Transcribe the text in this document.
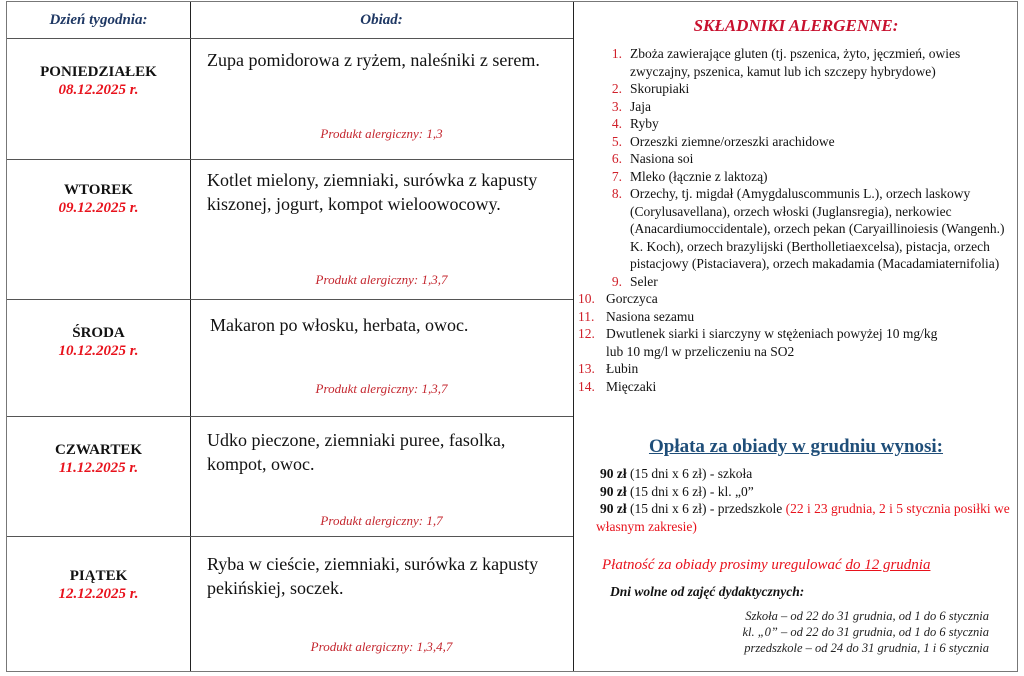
Dzień tygodnia:	Obiad:
PONIEDZIAŁEK
08.12.2025 r.
Zupa pomidorowa z ryżem, naleśniki z serem.
Produkt alergiczny: 1,3
WTOREK
09.12.2025 r.
Kotlet mielony, ziemniaki, surówka z kapusty kiszonej, jogurt, kompot wieloowocowy.
Produkt alergiczny: 1,3,7
ŚRODA
10.12.2025 r.
Makaron po włosku, herbata, owoc.
Produkt alergiczny: 1,3,7
CZWARTEK
11.12.2025 r.
Udko pieczone, ziemniaki puree, fasolka, kompot, owoc.
Produkt alergiczny: 1,7
PIĄTEK
12.12.2025 r.
Ryba w cieście, ziemniaki, surówka z kapusty pekińskiej, soczek.
Produkt alergiczny: 1,3,4,7
SKŁADNIKI ALERGENNE:
1. Zboża zawierające gluten (tj. pszenica, żyto, jęczmień, owies zwyczajny, pszenica, kamut lub ich szczepy hybrydowe)
2. Skorupiaki
3. Jaja
4. Ryby
5. Orzeszki ziemne/orzeszki arachidowe
6. Nasiona soi
7. Mleko (łącznie z laktozą)
8. Orzechy, tj. migdał (Amygdaluscommunis L.), orzech laskowy (Corylusavellana), orzech włoski (Juglansregia), nerkowiec (Anacardiumoccidentale), orzech pekan (Caryaillinoiesis (Wangenh.) K. Koch), orzech brazylijski (Bertholletiaexcelsa), pistacja, orzech pistacjowy (Pistaciavera), orzech makadamia (Macadamiaternifolia)
9. Seler
10. Gorczyca
11. Nasiona sezamu
12. Dwutlenek siarki i siarczyny w stężeniach powyżej 10 mg/kg lub 10 mg/l w przeliczeniu na SO2
13. Łubin
14. Mięczaki
Opłata za obiady w grudniu wynosi:
90 zł (15 dni x 6 zł) - szkoła
90 zł (15 dni x 6 zł) - kl. „0”
90 zł (15 dni x 6 zł) - przedszkole (22 i 23 grudnia, 2 i 5 stycznia posiłki we własnym zakresie)
Płatność za obiady prosimy uregulować do 12 grudnia
Dni wolne od zajęć dydaktycznych:
Szkoła – od 22 do 31 grudnia, od 1 do 6 stycznia
kl. „0” – od 22 do 31 grudnia, od 1 do 6 stycznia
przedszkole – od 24 do 31 grudnia, 1 i 6 stycznia
